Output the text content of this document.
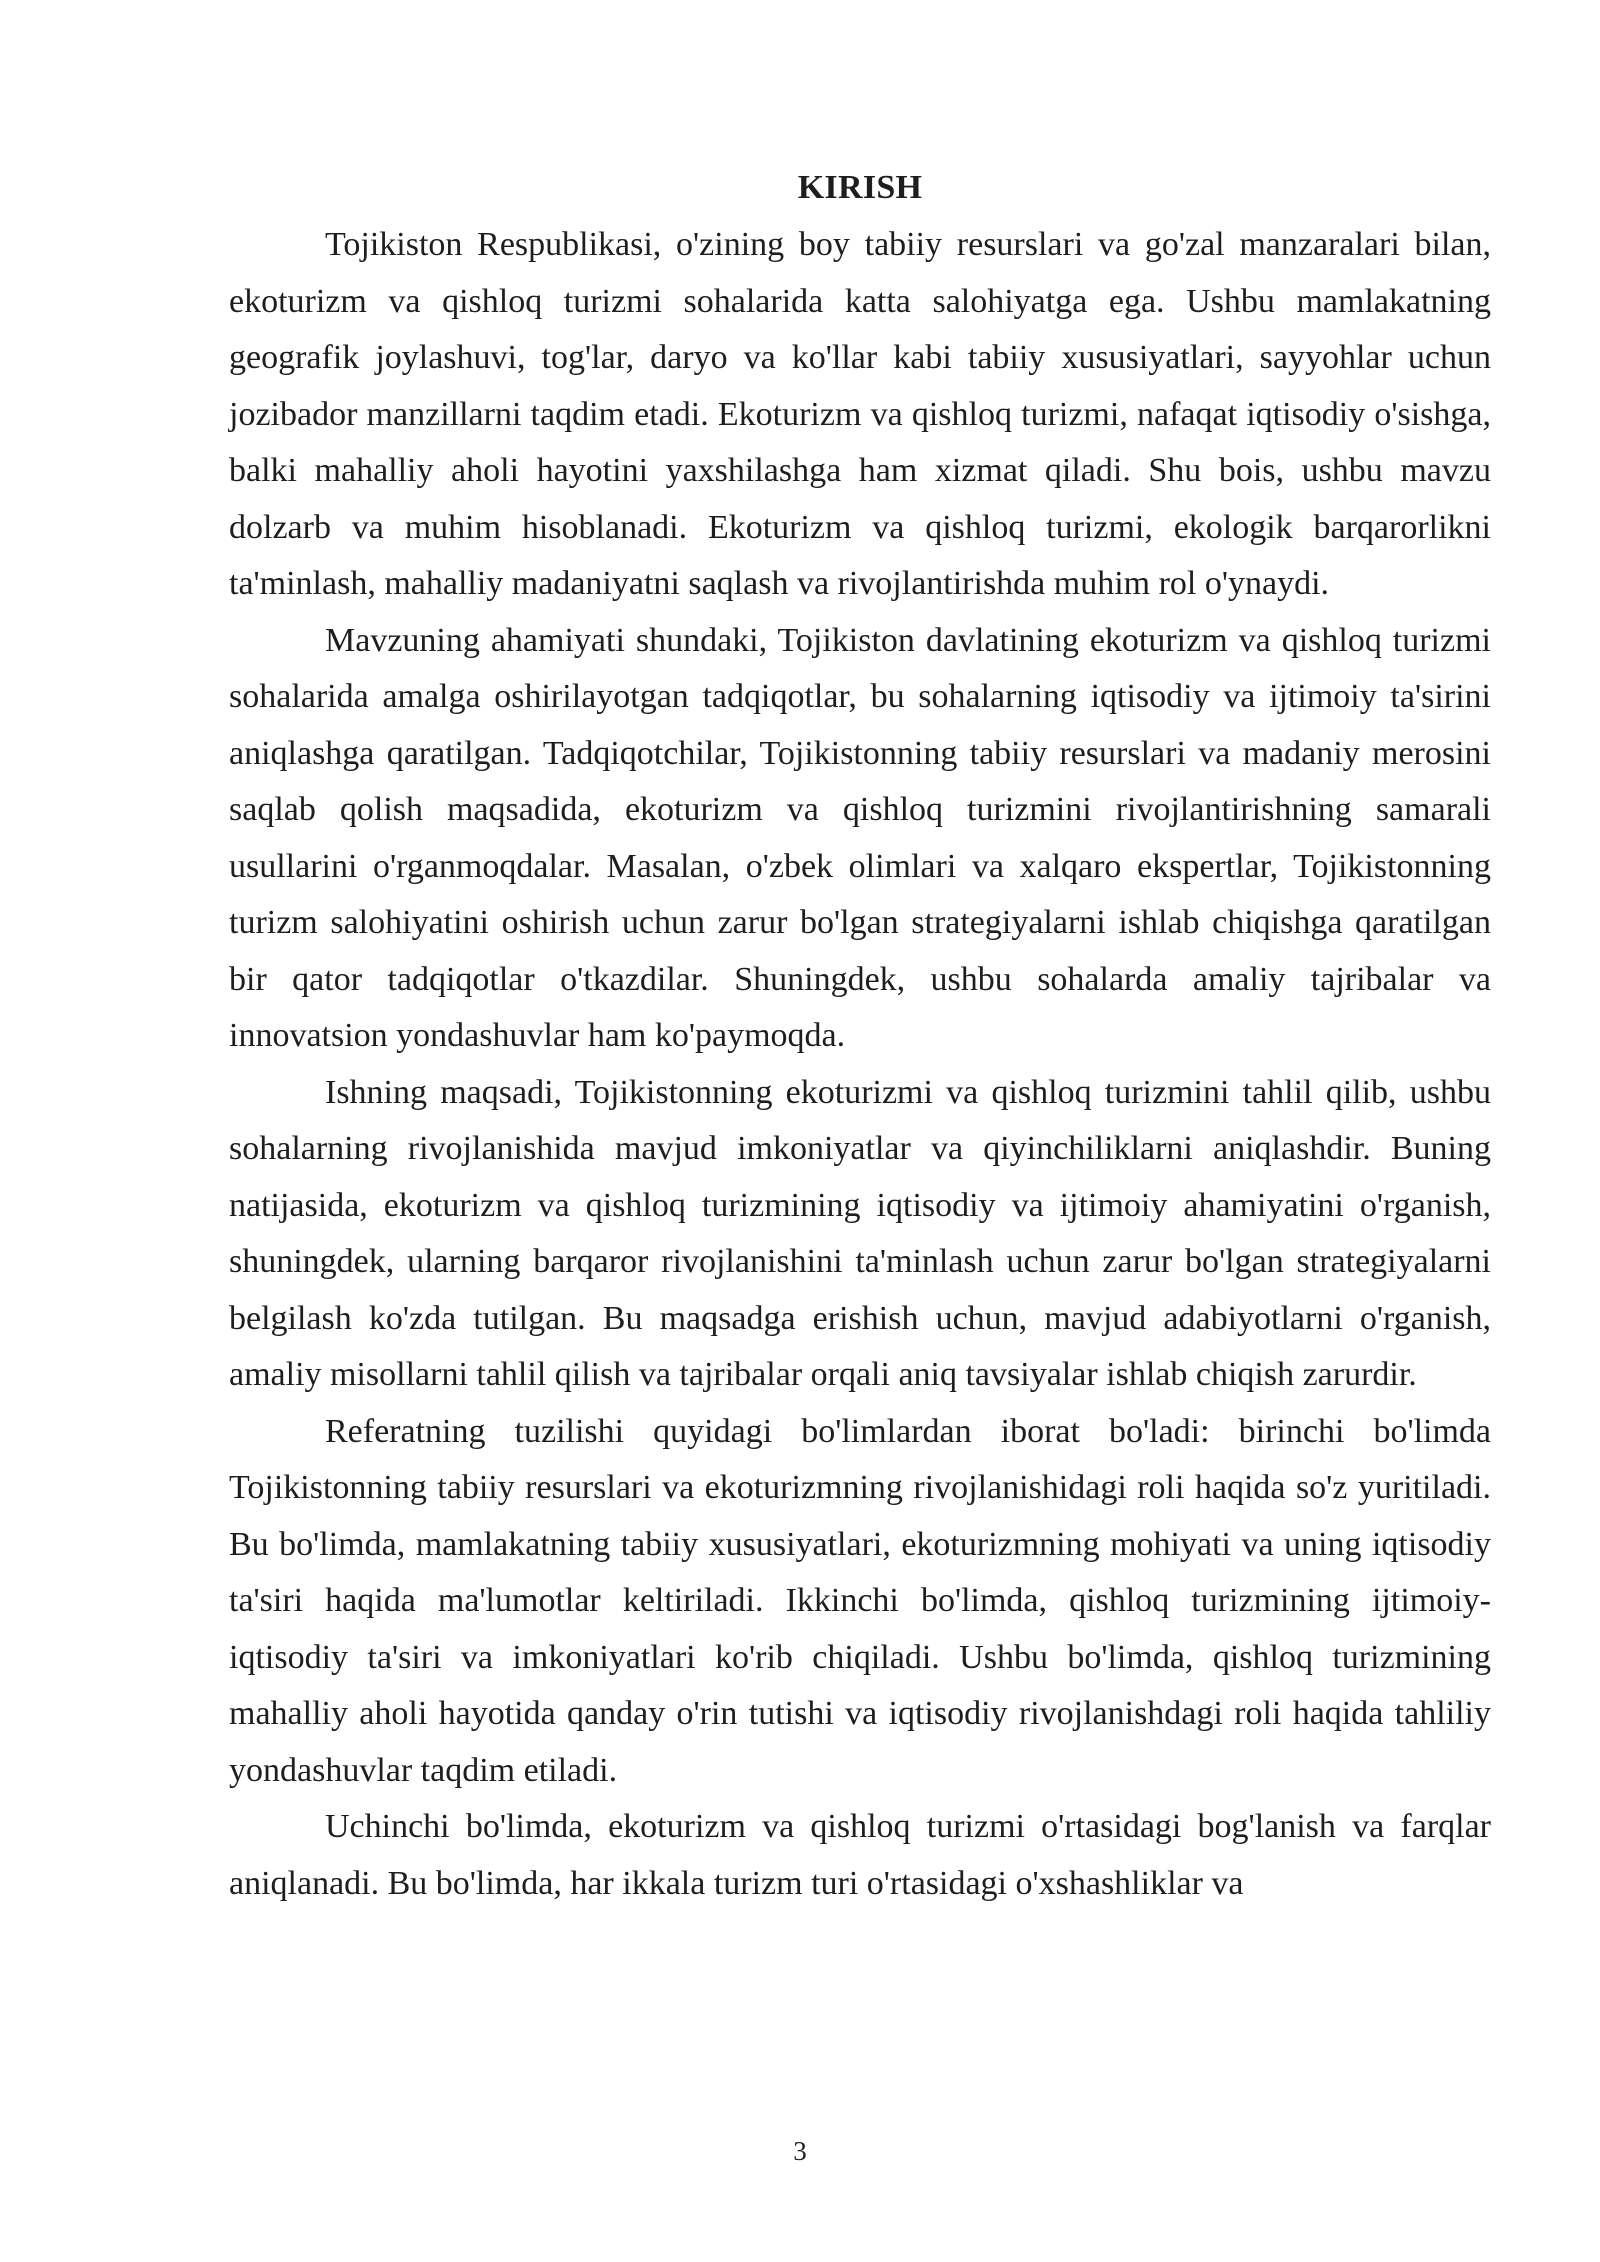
KIRISH

Tojikiston Respublikasi, o'zining boy tabiiy resurslari va go'zal manzaralari bilan, ekoturizm va qishloq turizmi sohalarida katta salohiyatga ega. Ushbu mamlakatning geografik joylashuvi, tog'lar, daryo va ko'llar kabi tabiiy xususiyatlari, sayyohlar uchun jozibador manzillarni taqdim etadi. Ekoturizm va qishloq turizmi, nafaqat iqtisodiy o'sishga, balki mahalliy aholi hayotini yaxshilashga ham xizmat qiladi. Shu bois, ushbu mavzu dolzarb va muhim hisoblanadi. Ekoturizm va qishloq turizmi, ekologik barqarorlikni ta'minlash, mahalliy madaniyatni saqlash va rivojlantirishda muhim rol o'ynaydi.

Mavzuning ahamiyati shundaki, Tojikiston davlatining ekoturizm va qishloq turizmi sohalarida amalga oshirilayotgan tadqiqotlar, bu sohalarning iqtisodiy va ijtimoiy ta'sirini aniqlashga qaratilgan. Tadqiqotchilar, Tojikistonning tabiiy resurslari va madaniy merosini saqlab qolish maqsadida, ekoturizm va qishloq turizmini rivojlantirishning samarali usullarini o'rganmoqdalar. Masalan, o'zbek olimlari va xalqaro ekspertlar, Tojikistonning turizm salohiyatini oshirish uchun zarur bo'lgan strategiyalarni ishlab chiqishga qaratilgan bir qator tadqiqotlar o'tkazdilar. Shuningdek, ushbu sohalarda amaliy tajribalar va innovatsion yondashuvlar ham ko'paymoqda.

Ishning maqsadi, Tojikistonning ekoturizmi va qishloq turizmini tahlil qilib, ushbu sohalarning rivojlanishida mavjud imkoniyatlar va qiyinchiliklarni aniqlashdir. Buning natijasida, ekoturizm va qishloq turizmining iqtisodiy va ijtimoiy ahamiyatini o'rganish, shuningdek, ularning barqaror rivojlanishini ta'minlash uchun zarur bo'lgan strategiyalarni belgilash ko'zda tutilgan. Bu maqsadga erishish uchun, mavjud adabiyotlarni o'rganish, amaliy misollarni tahlil qilish va tajribalar orqali aniq tavsiyalar ishlab chiqish zarurdir.

Referatning tuzilishi quyidagi bo'limlardan iborat bo'ladi: birinchi bo'limda Tojikistonning tabiiy resurslari va ekoturizmning rivojlanishidagi roli haqida so'z yuritiladi. Bu bo'limda, mamlakatning tabiiy xususiyatlari, ekoturizmning mohiyati va uning iqtisodiy ta'siri haqida ma'lumotlar keltiriladi. Ikkinchi bo'limda, qishloq turizmining ijtimoiy-iqtisodiy ta'siri va imkoniyatlari ko'rib chiqiladi. Ushbu bo'limda, qishloq turizmining mahalliy aholi hayotida qanday o'rin tutishi va iqtisodiy rivojlanishdagi roli haqida tahliliy yondashuvlar taqdim etiladi.

Uchinchi bo'limda, ekoturizm va qishloq turizmi o'rtasidagi bog'lanish va farqlar aniqlanadi. Bu bo'limda, har ikkala turizm turi o'rtasidagi o'xshashliklar va

3
